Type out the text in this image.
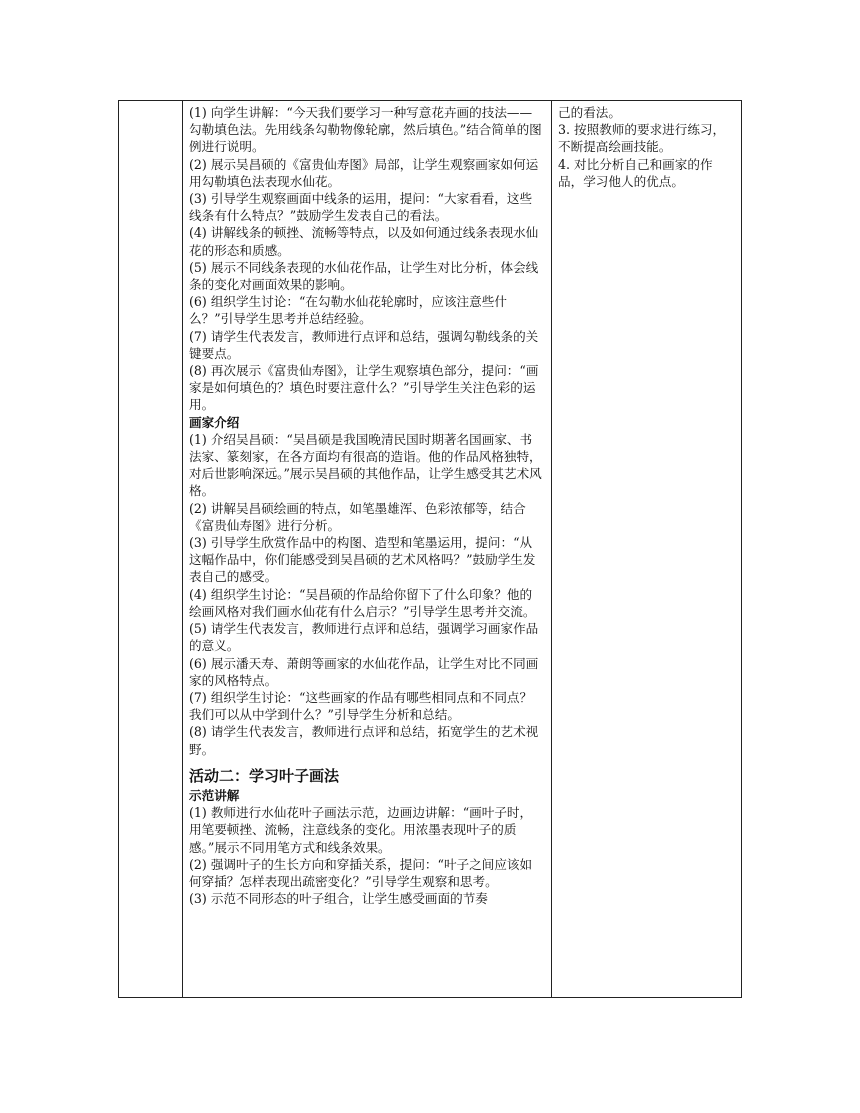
(1) 向学生讲解：“今天我们要学习一种写意花卉画的技法——勾勒填色法。先用线条勾勒物像轮廓，然后填色。”结合简单的图例进行说明。

(2) 展示吴昌硕的《富贵仙寿图》局部，让学生观察画家如何运用勾勒填色法表现水仙花。

(3) 引导学生观察画面中线条的运用，提问：“大家看看，这些线条有什么特点？”鼓励学生发表自己的看法。

(4) 讲解线条的顿挫、流畅等特点，以及如何通过线条表现水仙花的形态和质感。

(5) 展示不同线条表现的水仙花作品，让学生对比分析，体会线条的变化对画面效果的影响。

(6) 组织学生讨论：“在勾勒水仙花轮廓时，应该注意些什么？”引导学生思考并总结经验。

(7) 请学生代表发言，教师进行点评和总结，强调勾勒线条的关键要点。

(8) 再次展示《富贵仙寿图》，让学生观察填色部分，提问：“画家是如何填色的？填色时要注意什么？”引导学生关注色彩的运用。

画家介绍

(1) 介绍吴昌硕：“吴昌硕是我国晚清民国时期著名国画家、书法家、篆刻家，在各方面均有很高的造诣。他的作品风格独特，对后世影响深远。”展示吴昌硕的其他作品，让学生感受其艺术风格。

(2) 讲解吴昌硕绘画的特点，如笔墨雄浑、色彩浓郁等，结合《富贵仙寿图》进行分析。

(3) 引导学生欣赏作品中的构图、造型和笔墨运用，提问：“从这幅作品中，你们能感受到吴昌硕的艺术风格吗？”鼓励学生发表自己的感受。

(4) 组织学生讨论：“吴昌硕的作品给你留下了什么印象？他的绘画风格对我们画水仙花有什么启示？”引导学生思考并交流。

(5) 请学生代表发言，教师进行点评和总结，强调学习画家作品的意义。

(6) 展示潘天寿、萧朗等画家的水仙花作品，让学生对比不同画家的风格特点。

(7) 组织学生讨论：“这些画家的作品有哪些相同点和不同点？我们可以从中学到什么？”引导学生分析和总结。

(8) 请学生代表发言，教师进行点评和总结，拓宽学生的艺术视野。

活动二：学习叶子画法

示范讲解

(1) 教师进行水仙花叶子画法示范，边画边讲解：“画叶子时，用笔要顿挫、流畅，注意线条的变化。用浓墨表现叶子的质感。”展示不同用笔方式和线条效果。

(2) 强调叶子的生长方向和穿插关系，提问：“叶子之间应该如何穿插？怎样表现出疏密变化？”引导学生观察和思考。

(3) 示范不同形态的叶子组合，让学生感受画面的节奏

己的看法。

3. 按照教师的要求进行练习，不断提高绘画技能。

4. 对比分析自己和画家的作品，学习他人的优点。
